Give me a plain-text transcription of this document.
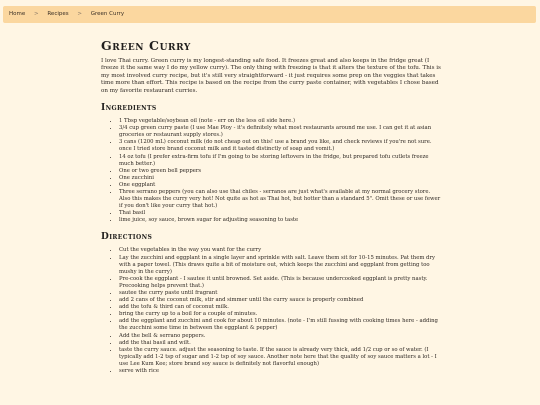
Home > Recipes > Green Curry
Green Curry

I love Thai curry. Green curry is my longest-standing safe food. It freezes great and also keeps in the fridge great (I freeze it the same way I do my yellow curry). The only thing with freezing is that it alters the texture of the tofu. This is my most involved curry recipe, but it's still very straightforward - it just requires some prep on the veggies that takes time more than effort. This recipe is based on the recipe from the curry paste container, with vegetables I chose based on my favorite restaurant curries.

Ingredients
• 1 Tbsp vegetable/soybean oil (note - err on the less oil side here.)
• 3/4 cup green curry paste (I use Mae Ploy - it's definitely what most restaurants around me use. I can get it at asian groceries or restaurant supply stores.)
• 3 cans (1200 mL) coconut milk (do not cheap out on this! use a brand you like, and check reviews if you're not sure. once I tried store brand coconut milk and it tasted distinctly of soap and vomit.)
• 14 oz tofu (I prefer extra-firm tofu if I'm going to be storing leftovers in the fridge, but prepared tofu cutlets freeze much better.)
• One or two green bell peppers
• One zucchini
• One eggplant
• Three serrano peppers (you can also use thai chiles - serranos are just what's available at my normal grocery store. Also this makes the curry very hot! Not quite as hot as Thai hot, but hotter than a standard 5". Omit these or use fewer if you don't like your curry that hot.)
• Thai basil
• lime juice, soy sauce, brown sugar for adjusting seasoning to taste
Directions
• Cut the vegetables in the way you want for the curry
• Lay the zucchini and eggplant in a single layer and sprinkle with salt. Leave them sit for 10-15 minutes. Pat them dry with a paper towel. (This draws quite a bit of moisture out, which keeps the zucchini and eggplant from getting too mushy in the curry)
• Pre-cook the eggplant - I sautee it until browned. Set aside. (This is because undercooked eggplant is pretty nasty. Precooking helps prevent that.)
• sautee the curry paste until fragrant
• add 2 cans of the coconut milk, stir and simmer until the curry sauce is properly combined
• add the tofu & third can of coconut milk.
• bring the curry up to a boil for a couple of minutes.
• add the eggplant and zucchini and cook for about 10 minutes. (note - I'm still fussing with cooking times here - adding the zucchini some time in between the eggplant & pepper)
• Add the bell & serrano peppers.
• add the thai basil and wilt.
• taste the curry sauce. adjust the seasoning to taste. If the sauce is already very thick, add 1/2 cup or so of water. (I typically add 1-2 tsp of sugar and 1-2 tsp of soy sauce. Another note here that the quality of soy sauce matters a lot - I use Lee Kum Kee; store brand soy sauce is definitely not flavorful enough)
• serve with rice
